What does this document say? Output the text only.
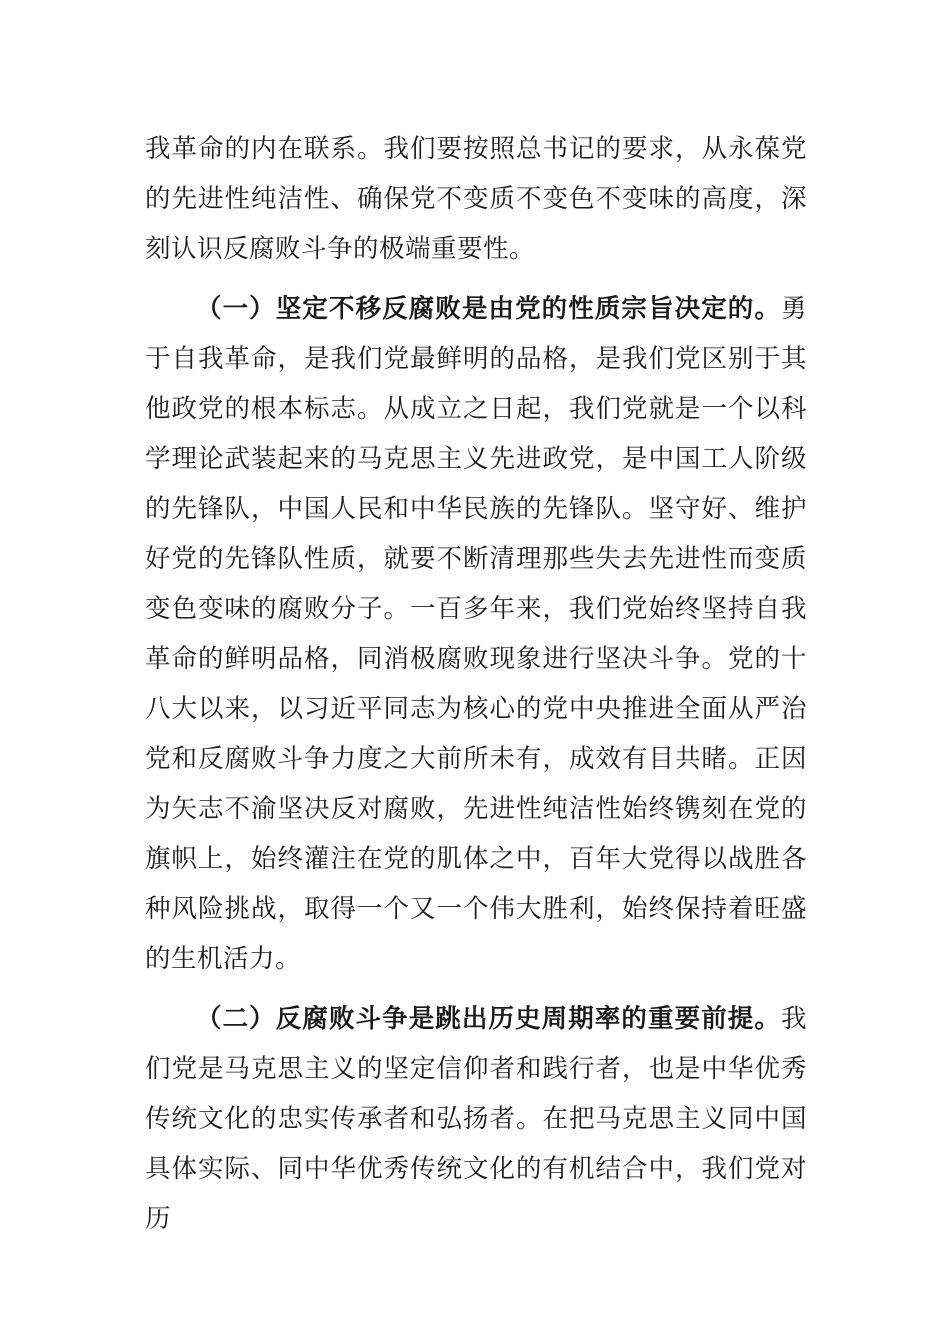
我革命的内在联系。我们要按照总书记的要求，从永葆党的先进性纯洁性、确保党不变质不变色不变味的高度，深刻认识反腐败斗争的极端重要性。

（一）坚定不移反腐败是由党的性质宗旨决定的。勇于自我革命，是我们党最鲜明的品格，是我们党区别于其他政党的根本标志。从成立之日起，我们党就是一个以科学理论武装起来的马克思主义先进政党，是中国工人阶级的先锋队，中国人民和中华民族的先锋队。坚守好、维护好党的先锋队性质，就要不断清理那些失去先进性而变质变色变味的腐败分子。一百多年来，我们党始终坚持自我革命的鲜明品格，同消极腐败现象进行坚决斗争。党的十八大以来，以习近平同志为核心的党中央推进全面从严治党和反腐败斗争力度之大前所未有，成效有目共睹。正因为矢志不渝坚决反对腐败，先进性纯洁性始终镌刻在党的旗帜上，始终灌注在党的肌体之中，百年大党得以战胜各种风险挑战，取得一个又一个伟大胜利，始终保持着旺盛的生机活力。

（二）反腐败斗争是跳出历史周期率的重要前提。我们党是马克思主义的坚定信仰者和践行者，也是中华优秀传统文化的忠实传承者和弘扬者。在把马克思主义同中国具体实际、同中华优秀传统文化的有机结合中，我们党对历
